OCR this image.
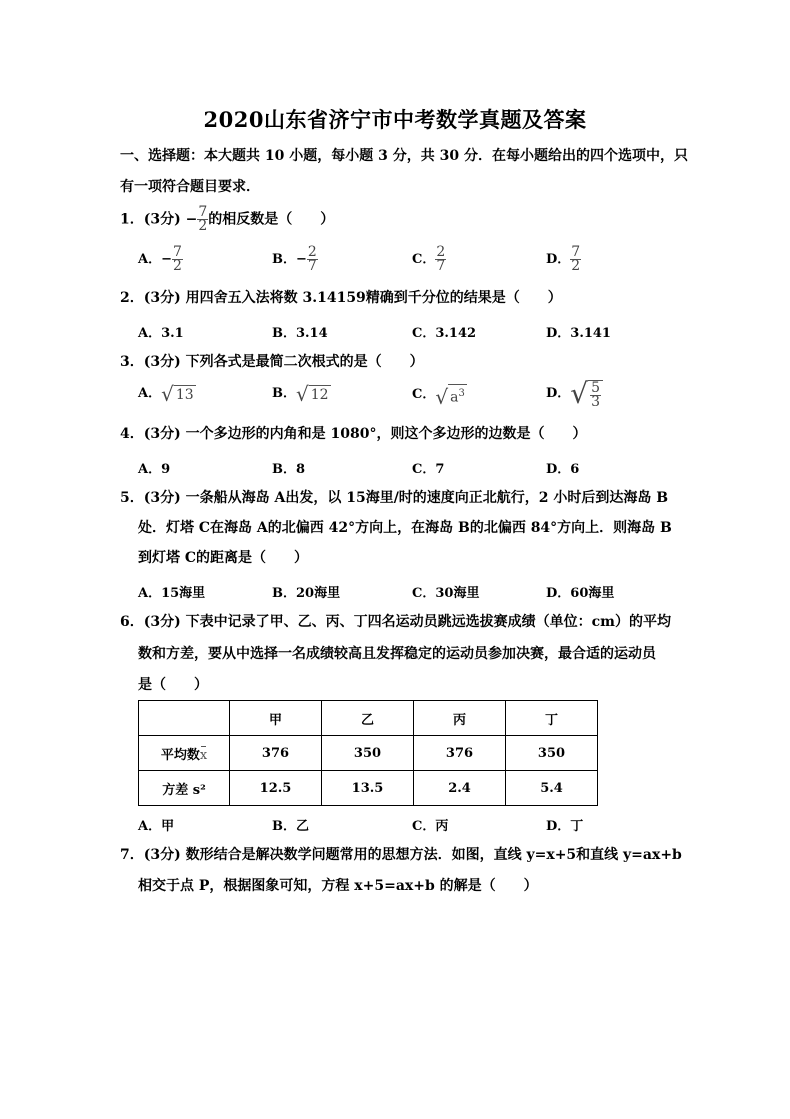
2020山东省济宁市中考数学真题及答案
一、选择题：本大题共 10 小题，每小题 3 分，共 30 分．在每小题给出的四个选项中，只
有一项符合题目要求．
1．(3分) − $\frac{7}{2}$ 的相反数是（　　）
A．− $\frac{7}{2}$	B．− $\frac{2}{7}$	C． $\frac{2}{7}$	D． $\frac{7}{2}$
2．(3分) 用四舍五入法将数 3.14159精确到千分位的结果是（　　）
A．3.1	B．3.14	C．3.142	D．3.141
3．(3分) 下列各式是最简二次根式的是（　　）
A． √ 13	B． √ 12	C． √ $a^3$	D． √ $\frac{5}{3}$
4．(3分) 一个多边形的内角和是 1080°，则这个多边形的边数是（　　）
A．9	B．8	C．7	D．6
5．(3分) 一条船从海岛 A出发，以 15海里/时的速度向正北航行，2 小时后到达海岛 B
处．灯塔 C在海岛 A的北偏西 42°方向上，在海岛 B的北偏西 84°方向上．则海岛 B
到灯塔 C的距离是（　　）
A．15海里	B．20海里	C．30海里	D．60海里
6．(3分) 下表中记录了甲、乙、丙、丁四名运动员跳远选拔赛成绩（单位：cm）的平均
数和方差，要从中选择一名成绩较高且发挥稳定的运动员参加决赛，最合适的运动员
是（　　）
	甲	乙	丙	丁
平均数x	376	350	376	350
方差 s²	12.5	13.5	2.4	5.4
A．甲	B．乙	C．丙	D．丁
7．(3分) 数形结合是解决数学问题常用的思想方法．如图，直线 y=x+5和直线 y=ax+b
相交于点 P，根据图象可知，方程 x+5=ax+b 的解是（　　）
